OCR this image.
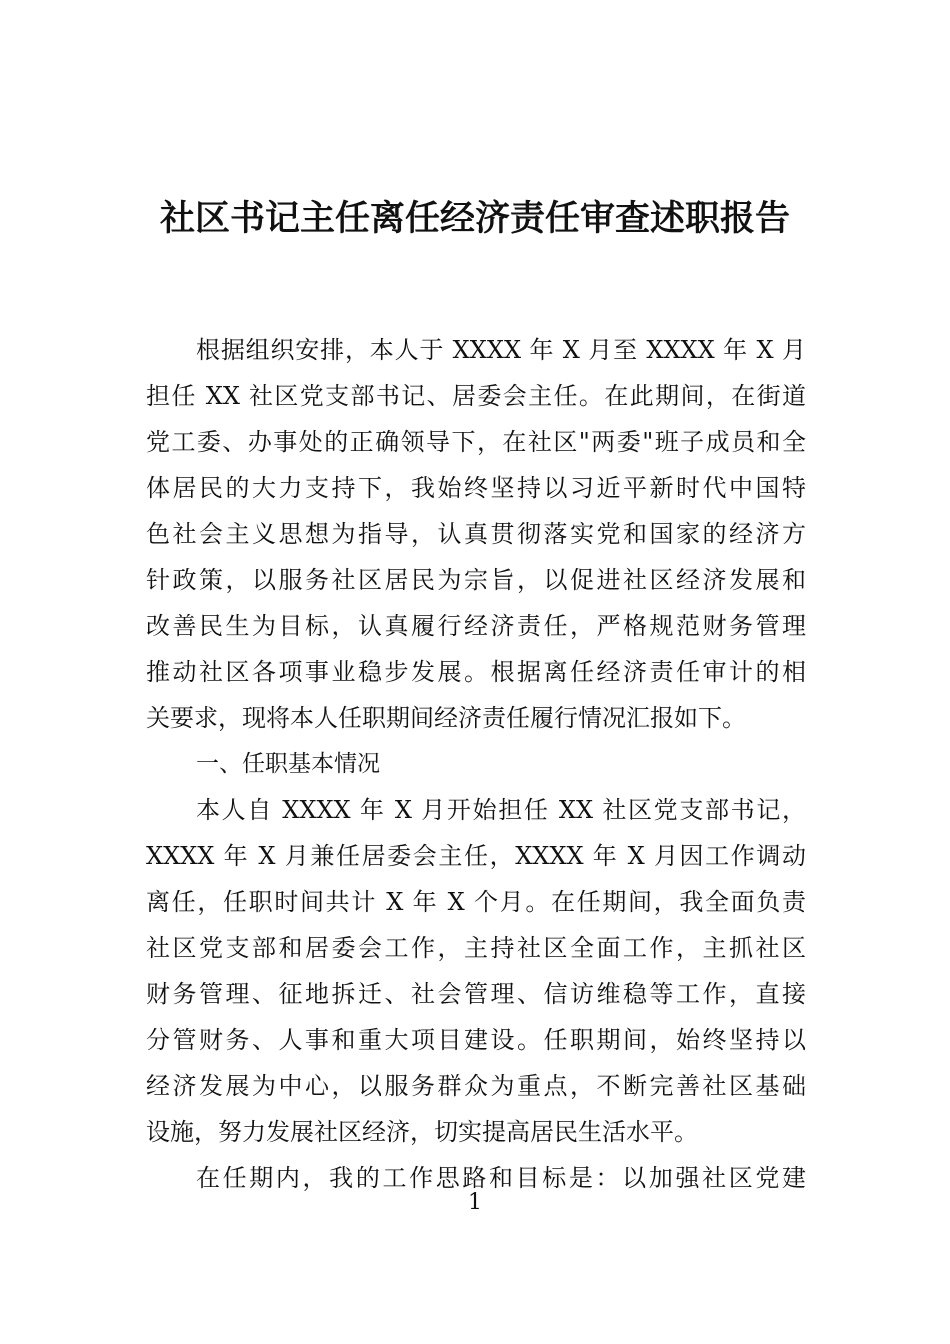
社区书记主任离任经济责任审查述职报告
根据组织安排，本人于 XXXX 年 X 月至 XXXX 年 X 月
担任 XX 社区党支部书记、居委会主任。在此期间，在街道
党工委、办事处的正确领导下，在社区"两委"班子成员和全
体居民的大力支持下，我始终坚持以习近平新时代中国特
色社会主义思想为指导，认真贯彻落实党和国家的经济方
针政策，以服务社区居民为宗旨，以促进社区经济发展和
改善民生为目标，认真履行经济责任，严格规范财务管理
推动社区各项事业稳步发展。根据离任经济责任审计的相
关要求，现将本人任职期间经济责任履行情况汇报如下。
一、任职基本情况
本人自 XXXX 年 X 月开始担任 XX 社区党支部书记，
XXXX 年 X 月兼任居委会主任，XXXX 年 X 月因工作调动
离任，任职时间共计 X 年 X 个月。在任期间，我全面负责
社区党支部和居委会工作，主持社区全面工作，主抓社区
财务管理、征地拆迁、社会管理、信访维稳等工作，直接
分管财务、人事和重大项目建设。任职期间，始终坚持以
经济发展为中心，以服务群众为重点，不断完善社区基础
设施，努力发展社区经济，切实提高居民生活水平。
在任期内，我的工作思路和目标是：以加强社区党建
1
